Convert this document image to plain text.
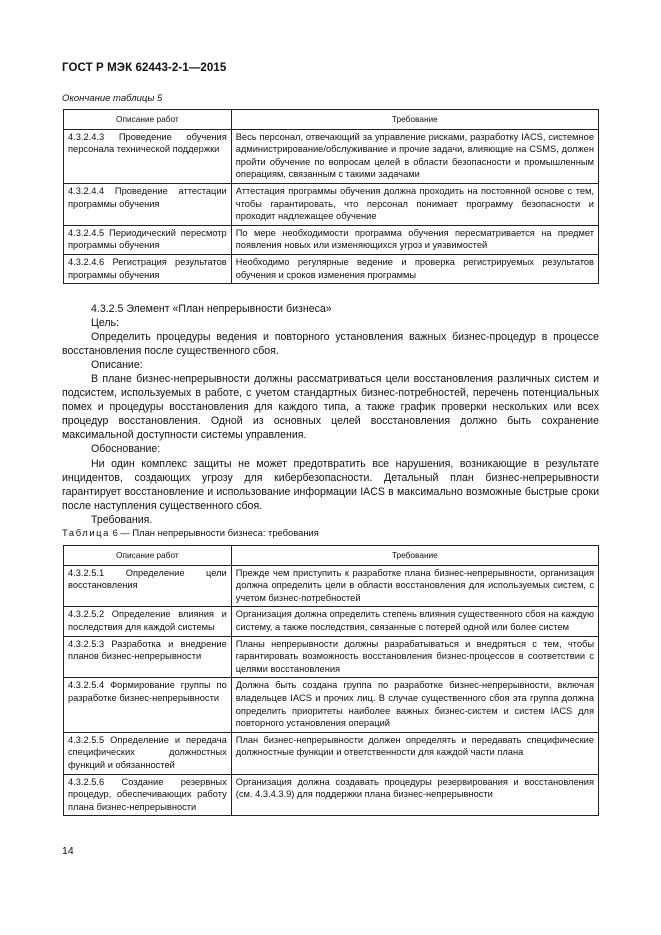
ГОСТ Р МЭК 62443-2-1—2015
Окончание таблицы 5
Описание работ	Требование
4.3.2.4.3 Проведение обучения персонала технической поддержки	Весь персонал, отвечающий за управление рисками, разработку IACS, системное администрирование/обслуживание и прочие задачи, влияющие на CSMS, должен пройти обучение по вопросам целей в области безопасности и промышленным операциям, связанным с такими задачами
4.3.2.4.4 Проведение аттестации программы обучения	Аттестация программы обучения должна проходить на постоянной основе с тем, чтобы гарантировать, что персонал понимает программу безопасности и проходит надлежащее обучение
4.3.2.4.5 Периодический пересмотр программы обучения	По мере необходимости программа обучения пересматривается на предмет появления новых или изменяющихся угроз и уязвимостей
4.3.2.4.6 Регистрация результатов программы обучения	Необходимо регулярные ведение и проверка регистрируемых результатов обучения и сроков изменения программы

4.3.2.5 Элемент «План непрерывности бизнеса»

Цель:

Определить процедуры ведения и повторного установления важных бизнес-процедур в процессе восстановления после существенного сбоя.

Описание:

В плане бизнес-непрерывности должны рассматриваться цели восстановления различных систем и подсистем, используемых в работе, с учетом стандартных бизнес-потребностей, перечень потенциальных помех и процедуры восстановления для каждого типа, а также график проверки нескольких или всех процедур восстановления. Одной из основных целей восстановления должно быть сохранение максимальной доступности системы управления.

Обоснование:

Ни один комплекс защиты не может предотвратить все нарушения, возникающие в результате инцидентов, создающих угрозу для кибербезопасности. Детальный план бизнес-непрерывности гарантирует восстановление и использование информации IACS в максимально возможные быстрые сроки после наступления существенного сбоя.

Требования.

Таблица 6 — План непрерывности бизнеса: требования
Описание работ	Требование
4.3.2.5.1 Определение цели восстановления	Прежде чем приступить к разработке плана бизнес-непрерывности, организация должна определить цели в области восстановления для используемых систем, с учетом бизнес-потребностей
4.3.2.5.2 Определение влияния и последствия для каждой системы	Организация должна определить степень влияния существенного сбоя на каждую систему, а также последствия, связанные с потерей одной или более систем
4.3.2.5.3 Разработка и внедрение планов бизнес-непрерывности	Планы непрерывности должны разрабатываться и внедряться с тем, чтобы гарантировать возможность восстановления бизнес-процессов в соответствии с целями восстановления
4.3.2.5.4 Формирование группы по разработке бизнес-непрерывности	Должна быть создана группа по разработке бизнес-непрерывности, включая владельцев IACS и прочих лиц. В случае существенного сбоя эта группа должна определить приоритеты наиболее важных бизнес-систем и систем IACS для повторного установления операций
4.3.2.5.5 Определение и передача специфических должностных функций и обязанностей	План бизнес-непрерывности должен определять и передавать специфические должностные функции и ответственности для каждой части плана
4.3.2.5.6 Создание резервных процедур, обеспечивающих работу плана бизнес-непрерывности	Организация должна создавать процедуры резервирования и восстановления (см. 4.3.4.3.9) для поддержки плана бизнес-непрерывности
14
